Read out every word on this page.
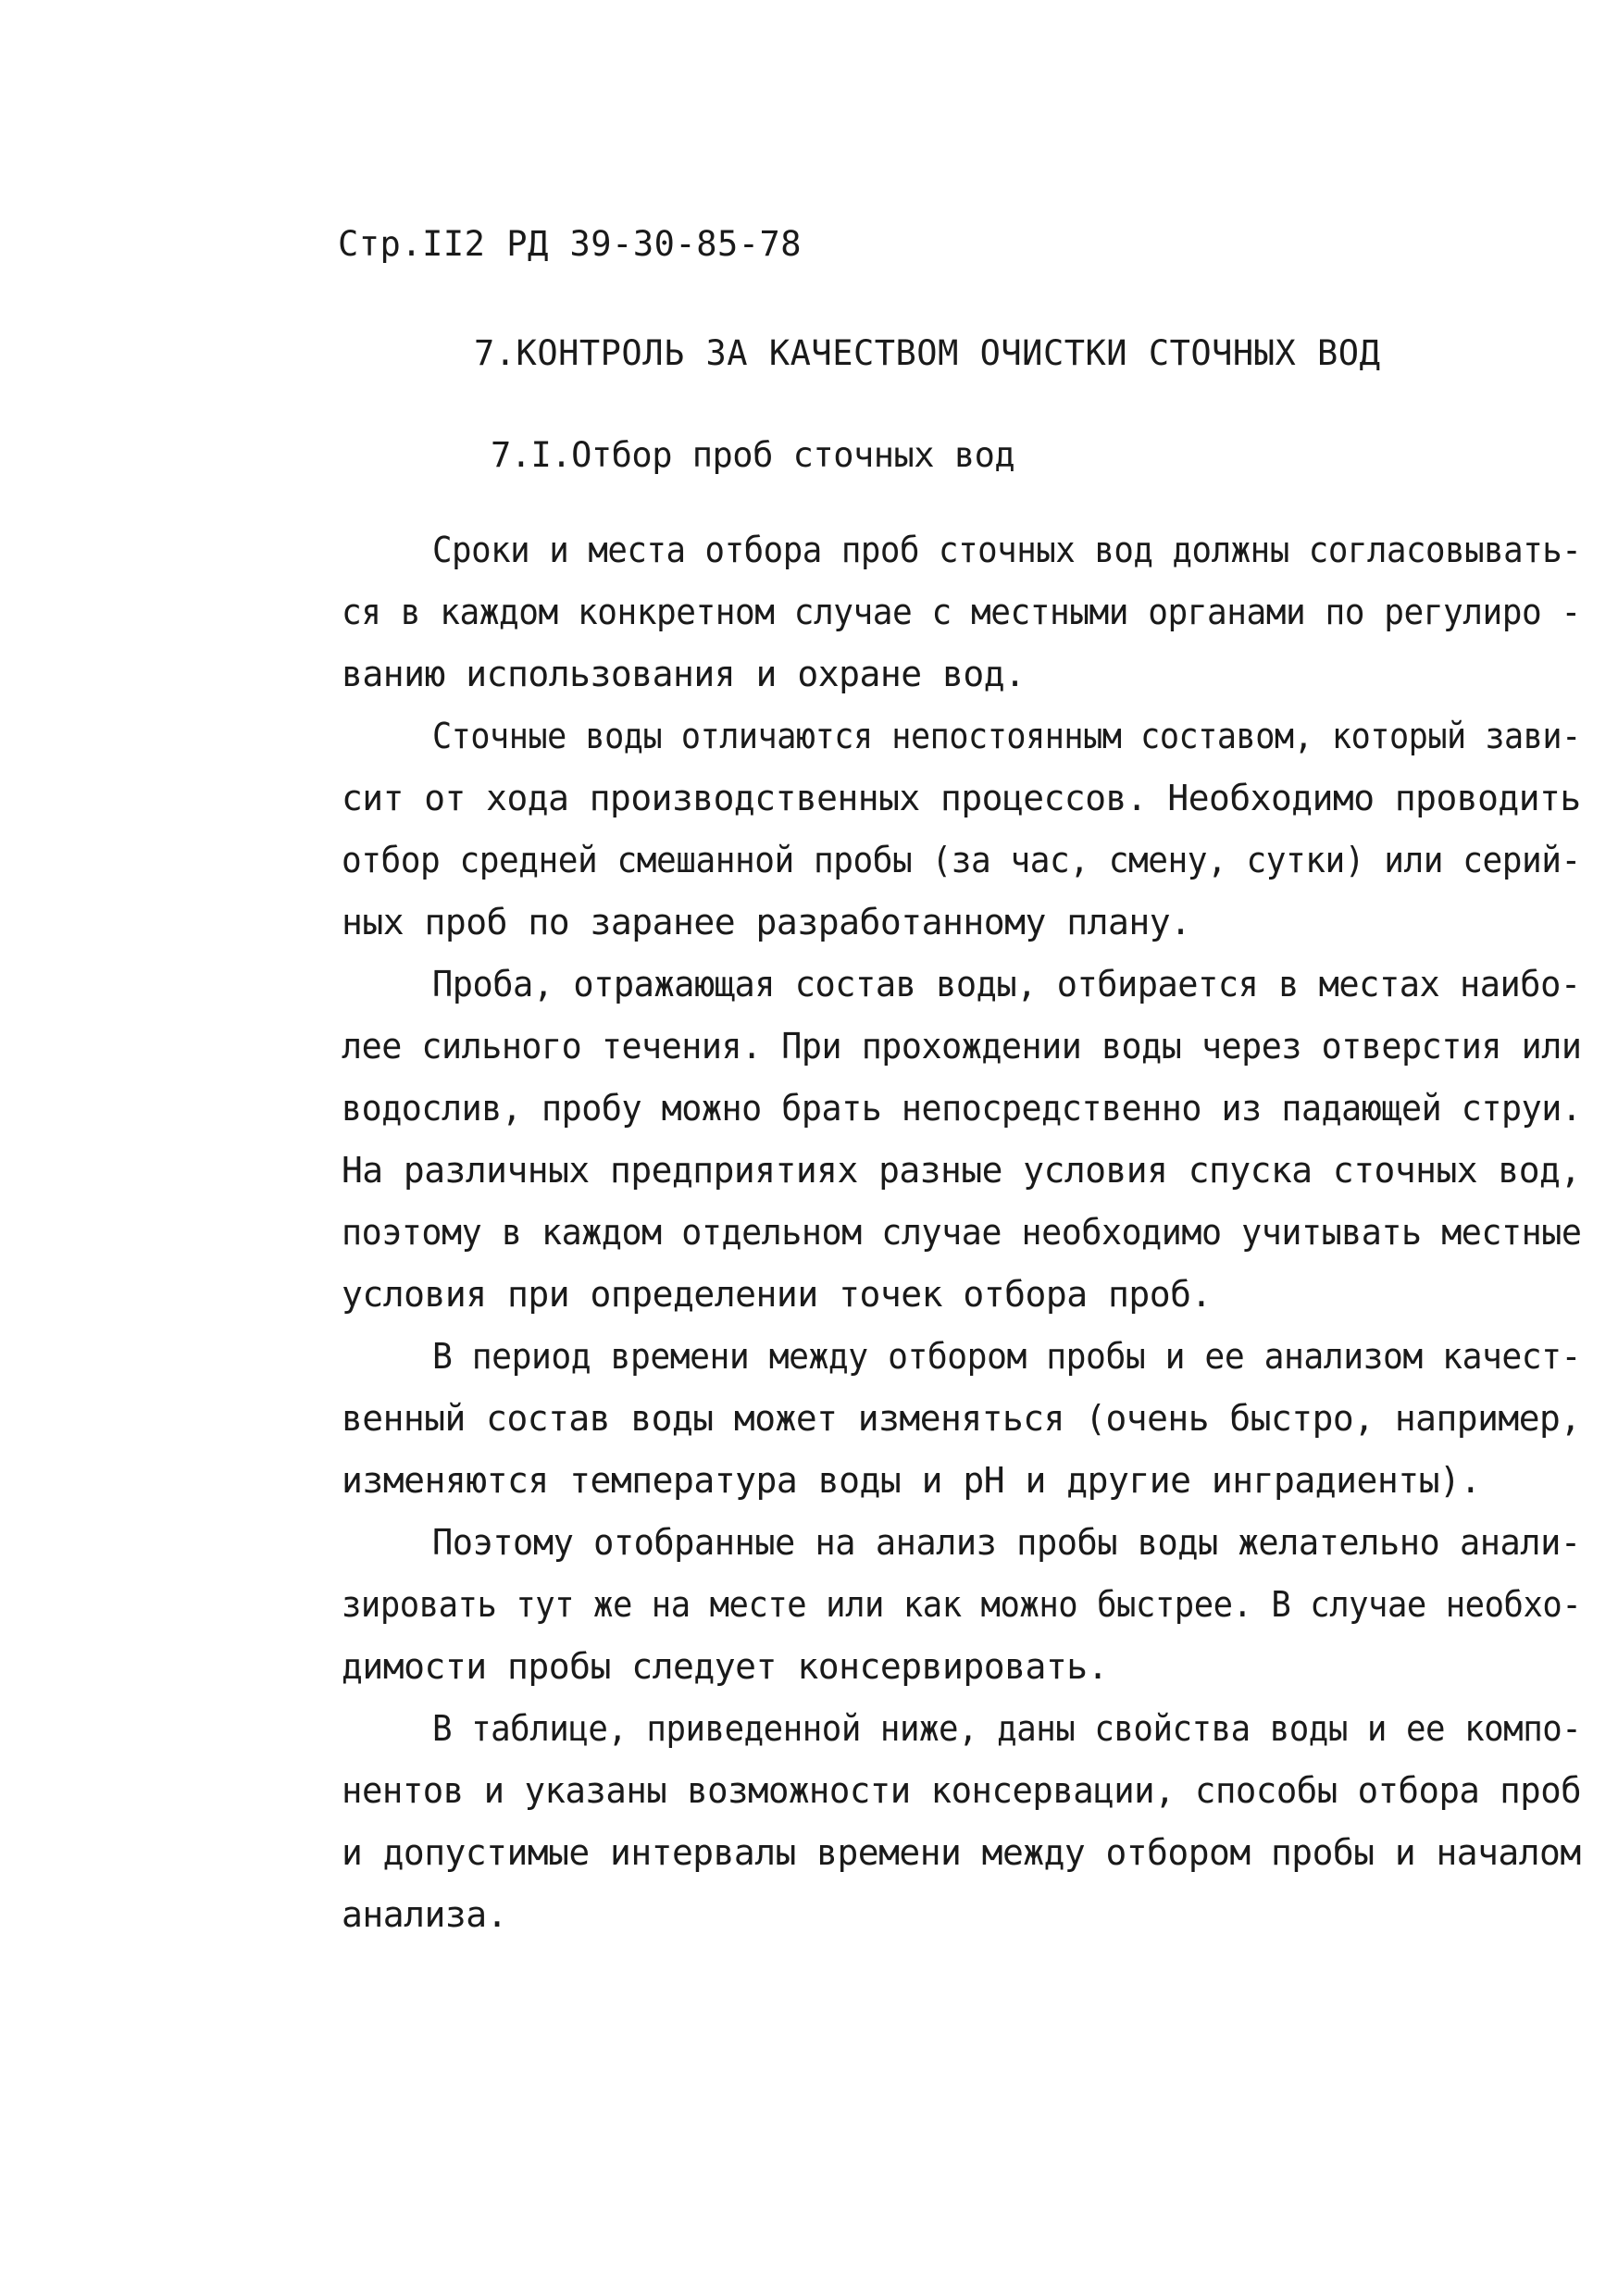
Стр.II2 РД 39-30-85-78
7.КОНТРОЛЬ ЗА КАЧЕСТВОМ ОЧИСТКИ СТОЧНЫХ ВОД
7.I.Отбор проб сточных вод
Сроки и места отбора проб сточных вод должны согласовывать-
ся в каждом конкретном случае с местными органами по регулиро -
ванию использования и охране вод.
Сточные воды отличаются непостоянным составом, который зави-
сит от хода производственных процессов. Необходимо проводить
отбор средней смешанной пробы (за час, смену, сутки) или серий-
ных проб по заранее разработанному плану.
Проба, отражающая состав воды, отбирается в местах наибо-
лее сильного течения. При прохождении воды через отверстия или
водослив, пробу можно брать непосредственно из падающей струи.
На различных предприятиях разные условия спуска сточных вод,
поэтому в каждом отдельном случае необходимо учитывать местные
условия при определении точек отбора проб.
В период времени между отбором пробы и ее анализом качест-
венный состав воды может изменяться (очень быстро, например,
изменяются температура воды и pH и другие инградиенты).
Поэтому отобранные на анализ пробы воды желательно анали-
зировать тут же на месте или как можно быстрее. В случае необхо-
димости пробы следует консервировать.
В таблице, приведенной ниже, даны свойства воды и ее компо-
нентов и указаны возможности консервации, способы отбора проб
и допустимые интервалы времени между отбором пробы и началом
анализа.
